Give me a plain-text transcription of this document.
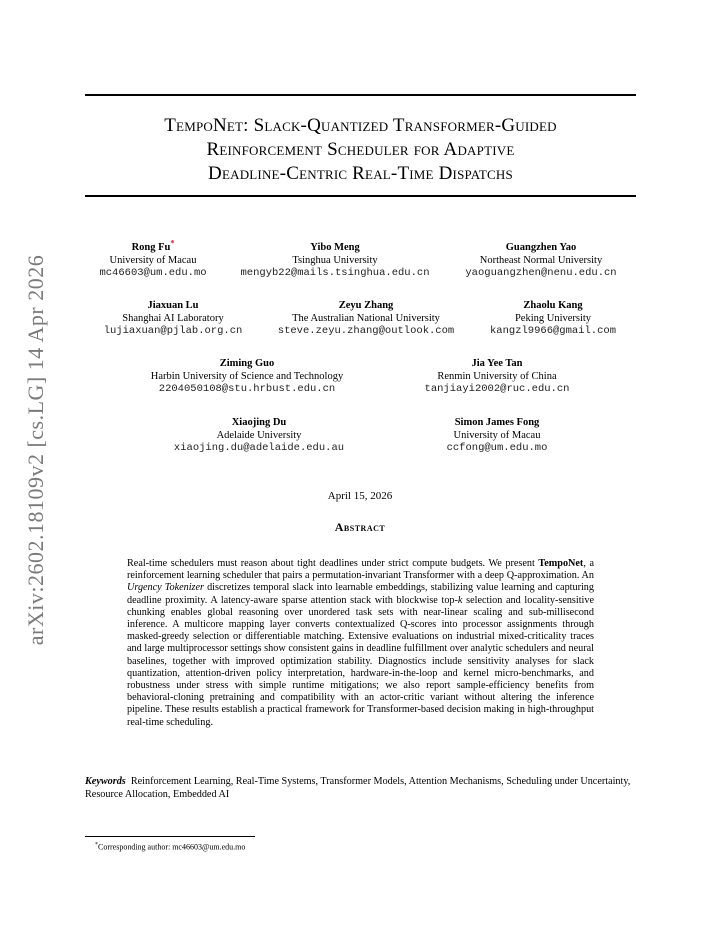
arXiv:2602.18109v2 [cs.LG] 14 Apr 2026
TempoNet: Slack-Quantized Transformer-Guided
Reinforcement Scheduler for Adaptive
Deadline-Centric Real-Time Dispatchs
Rong Fu*
University of Macau
mc46603@um.edu.mo
Yibo Meng
Tsinghua University
mengyb22@mails.tsinghua.edu.cn
Guangzhen Yao
Northeast Normal University
yaoguangzhen@nenu.edu.cn
Jiaxuan Lu
Shanghai AI Laboratory
lujiaxuan@pjlab.org.cn
Zeyu Zhang
The Australian National University
steve.zeyu.zhang@outlook.com
Zhaolu Kang
Peking University
kangzl9966@gmail.com
Ziming Guo
Harbin University of Science and Technology
2204050108@stu.hrbust.edu.cn
Jia Yee Tan
Renmin University of China
tanjiayi2002@ruc.edu.cn
Xiaojing Du
Adelaide University
xiaojing.du@adelaide.edu.au
Simon James Fong
University of Macau
ccfong@um.edu.mo
April 15, 2026
Abstract
Real-time schedulers must reason about tight deadlines under strict compute budgets. We present TempoNet, a reinforcement learning scheduler that pairs a permutation-invariant Transformer with a deep Q-approximation. An Urgency Tokenizer discretizes temporal slack into learnable embeddings, stabilizing value learning and capturing deadline proximity. A latency-aware sparse attention stack with blockwise top-k selection and locality-sensitive chunking enables global reasoning over unordered task sets with near-linear scaling and sub-millisecond inference. A multicore mapping layer converts contextualized Q-scores into processor assignments through masked-greedy selection or differentiable matching. Extensive evaluations on industrial mixed-criticality traces and large multiprocessor settings show consistent gains in deadline fulfillment over analytic schedulers and neural baselines, together with improved optimization stability. Diagnostics include sensitivity analyses for slack quantization, attention-driven policy interpretation, hardware-in-the-loop and kernel micro-benchmarks, and robustness under stress with simple runtime mitigations; we also report sample-efficiency benefits from behavioral-cloning pretraining and compatibility with an actor-critic variant without altering the inference pipeline. These results establish a practical framework for Transformer-based decision making in high-throughput real-time scheduling.
Keywords Reinforcement Learning, Real-Time Systems, Transformer Models, Attention Mechanisms, Scheduling under Uncertainty, Resource Allocation, Embedded AI
*Corresponding author: mc46603@um.edu.mo
